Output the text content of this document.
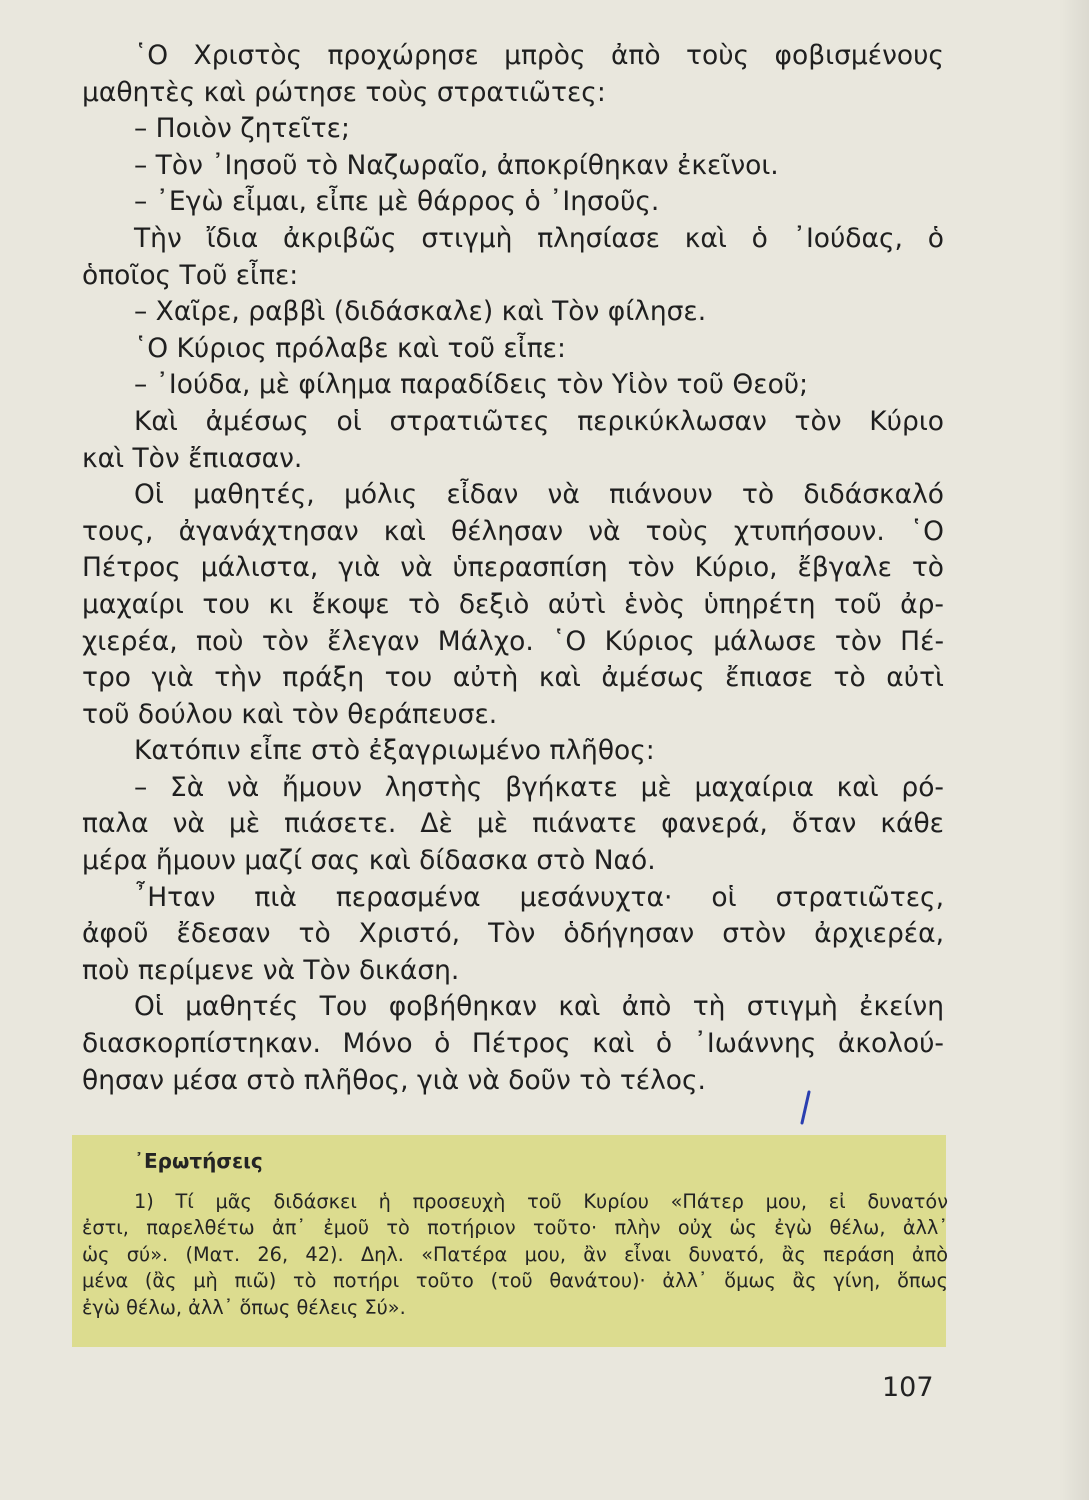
῾Ο Χριστὸς προχώρησε μπρὸς ἀπὸ τοὺς φοβισμένους
μαθητὲς καὶ ρώτησε τοὺς στρατιῶτες:
– Ποιὸν ζητεῖτε;
– Τὸν ᾿Ιησοῦ τὸ Ναζωραῖο, ἀποκρίθηκαν ἐκεῖνοι.
– ᾿Εγὼ εἶμαι, εἶπε μὲ θάρρος ὁ ᾿Ιησοῦς.
Τὴν ἴδια ἀκριβῶς στιγμὴ πλησίασε καὶ ὁ ᾿Ιούδας, ὁ
ὁποῖος Τοῦ εἶπε:
– Χαῖρε, ραββὶ (διδάσκαλε) καὶ Τὸν φίλησε.
῾Ο Κύριος πρόλαβε καὶ τοῦ εἶπε:
– ᾿Ιούδα, μὲ φίλημα παραδίδεις τὸν Υἱὸν τοῦ Θεοῦ;
Καὶ ἀμέσως οἱ στρατιῶτες περικύκλωσαν τὸν Κύριο
καὶ Τὸν ἔπιασαν.
Οἱ μαθητές, μόλις εἶδαν νὰ πιάνουν τὸ διδάσκαλό
τους, ἀγανάχτησαν καὶ θέλησαν νὰ τοὺς χτυπήσουν. ῾Ο
Πέτρος μάλιστα, γιὰ νὰ ὑπερασπίση τὸν Κύριο, ἔβγαλε τὸ
μαχαίρι του κι ἔκοψε τὸ δεξιὸ αὐτὶ ἑνὸς ὑπηρέτη τοῦ ἀρ-
χιερέα, ποὺ τὸν ἔλεγαν Μάλχο. ῾Ο Κύριος μάλωσε τὸν Πέ-
τρο γιὰ τὴν πράξη του αὐτὴ καὶ ἀμέσως ἔπιασε τὸ αὐτὶ
τοῦ δούλου καὶ τὸν θεράπευσε.
Κατόπιν εἶπε στὸ ἐξαγριωμένο πλῆθος:
– Σὰ νὰ ἤμουν ληστὴς βγήκατε μὲ μαχαίρια καὶ ρό-
παλα νὰ μὲ πιάσετε. Δὲ μὲ πιάνατε φανερά, ὅταν κάθε
μέρα ἤμουν μαζί σας καὶ δίδασκα στὸ Ναό.
῏Ηταν πιὰ περασμένα μεσάνυχτα· οἱ στρατιῶτες,
ἀφοῦ ἔδεσαν τὸ Χριστό, Τὸν ὁδήγησαν στὸν ἀρχιερέα,
ποὺ περίμενε νὰ Τὸν δικάση.
Οἱ μαθητές Του φοβήθηκαν καὶ ἀπὸ τὴ στιγμὴ ἐκείνη
διασκορπίστηκαν. Μόνο ὁ Πέτρος καὶ ὁ ᾿Ιωάννης ἀκολού-
θησαν μέσα στὸ πλῆθος, γιὰ νὰ δοῦν τὸ τέλος.
᾿Ερωτήσεις
1) Τί μᾶς διδάσκει ἡ προσευχὴ τοῦ Κυρίου «Πάτερ μου, εἰ δυνατόν
ἐστι, παρελθέτω ἀπ᾿ ἐμοῦ τὸ ποτήριον τοῦτο· πλὴν οὐχ ὡς ἐγὼ θέλω, ἀλλ᾿
ὡς σύ». (Ματ. 26, 42). Δηλ. «Πατέρα μου, ἂν εἶναι δυνατό, ἂς περάση ἀπὸ
μένα (ἂς μὴ πιῶ) τὸ ποτήρι τοῦτο (τοῦ θανάτου)· ἀλλ᾿ ὅμως ἂς γίνη, ὅπως
ἐγὼ θέλω, ἀλλ᾿ ὅπως θέλεις Σύ».
107
